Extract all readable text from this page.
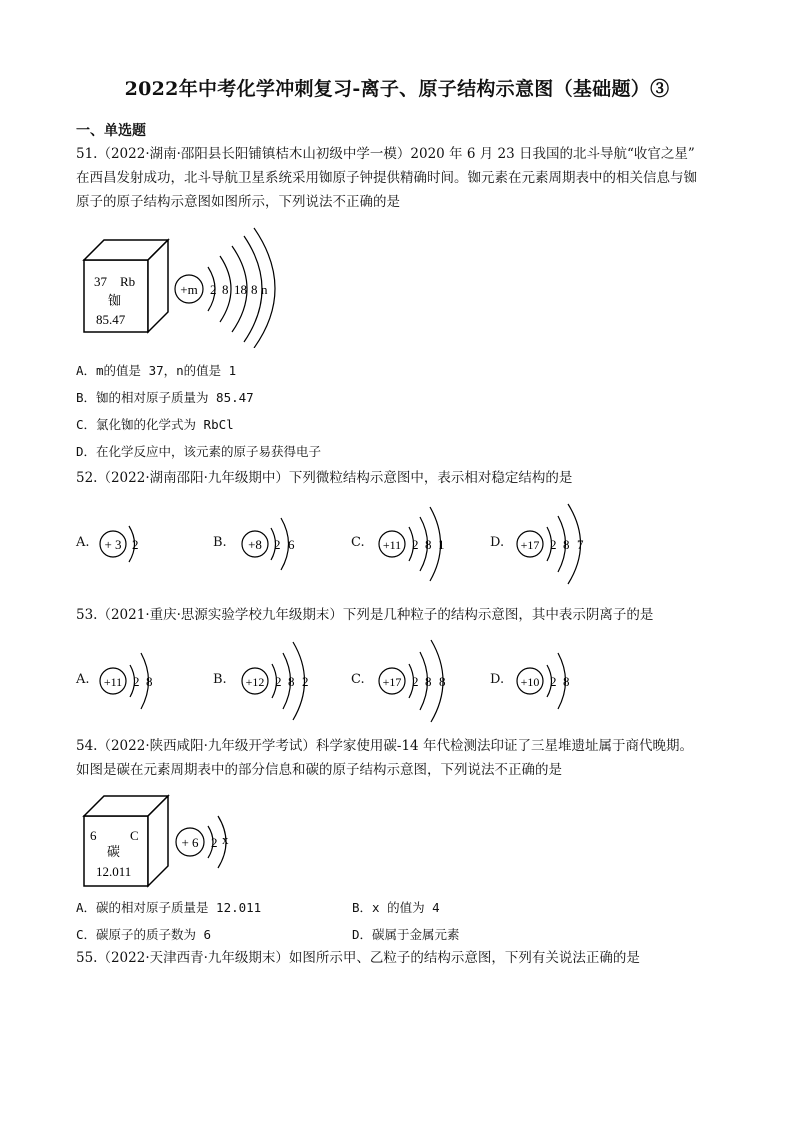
2022年中考化学冲刺复习-离子、原子结构示意图（基础题）③
一、单选题
51.（2022·湖南·邵阳县长阳铺镇桔木山初级中学一模）2020 年 6 月 23 日我国的北斗导航“收官之星”
在西昌发射成功，北斗导航卫星系统采用铷原子钟提供精确时间。铷元素在元素周期表中的相关信息与铷
原子的原子结构示意图如图所示，下列说法不正确的是
37 Rb
铷
85.47
+m 2 8 18 8 n
A．m的值是 37，n的值是 1
B．铷的相对原子质量为 85.47
C．氯化铷的化学式为 RbCl
D．在化学反应中，该元素的原子易获得电子
52.（2022·湖南邵阳·九年级期中）下列微粒结构示意图中，表示相对稳定结构的是
A. + 3 2	B. +8 2 6	C. +11 2 8 1	D. +17 2 8 7
53.（2021·重庆·思源实验学校九年级期末）下列是几种粒子的结构示意图，其中表示阴离子的是
A. +11 2 8	B. +12 2 8 2	C. +17 2 8 8	D. +10 2 8
54.（2022·陕西咸阳·九年级开学考试）科学家使用碳-14 年代检测法印证了三星堆遗址属于商代晚期。
如图是碳在元素周期表中的部分信息和碳的原子结构示意图，下列说法不正确的是
6	C
碳
12.011
+ 6 2 x
A．碳的相对原子质量是 12.011	B．x 的值为 4
C．碳原子的质子数为 6	D．碳属于金属元素
55.（2022·天津西青·九年级期末）如图所示甲、乙粒子的结构示意图，下列有关说法正确的是
